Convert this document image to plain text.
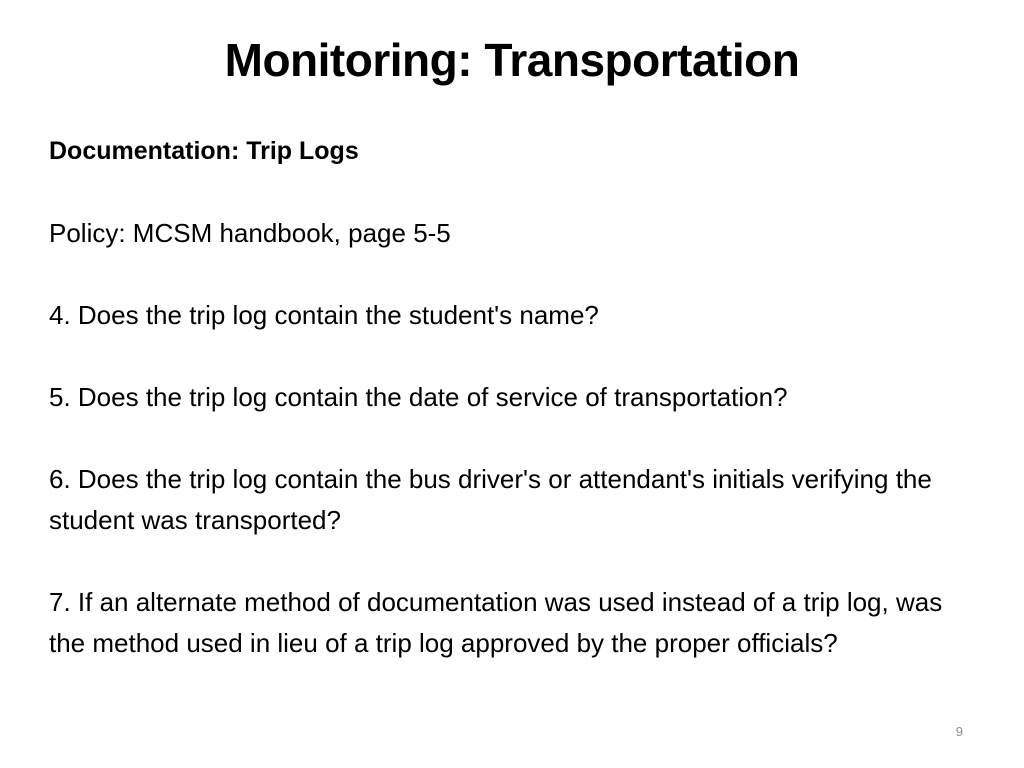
Monitoring: Transportation

Documentation: Trip Logs

Policy: MCSM handbook, page 5-5

4. Does the trip log contain the student's name?

5. Does the trip log contain the date of service of transportation?

6. Does the trip log contain the bus driver's or attendant's initials verifying the student was transported?

7. If an alternate method of documentation was used instead of a trip log, was the method used in lieu of a trip log approved by the proper officials?

9
